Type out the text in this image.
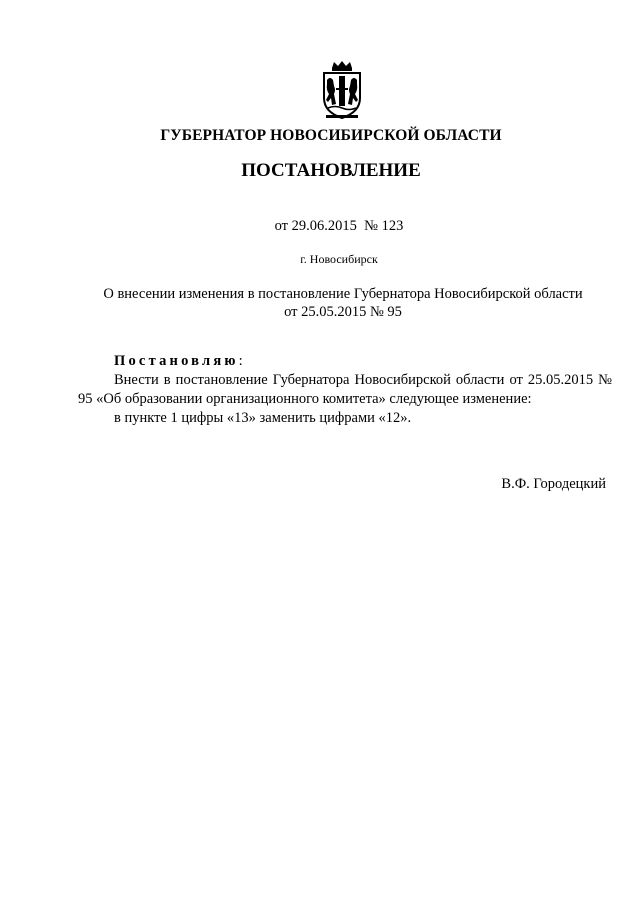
ГУБЕРНАТОР НОВОСИБИРСКОЙ ОБЛАСТИ
ПОСТАНОВЛЕНИЕ
от 29.06.2015 № 123
г. Новосибирск
О внесении изменения в постановление Губернатора Новосибирской области
от 25.05.2015 № 95
Постановляю:
Внести в постановление Губернатора Новосибирской области от 25.05.2015 № 95 «Об образовании организационного комитета» следующее изменение:
в пункте 1 цифры «13» заменить цифрами «12».
В.Ф. Городецкий
